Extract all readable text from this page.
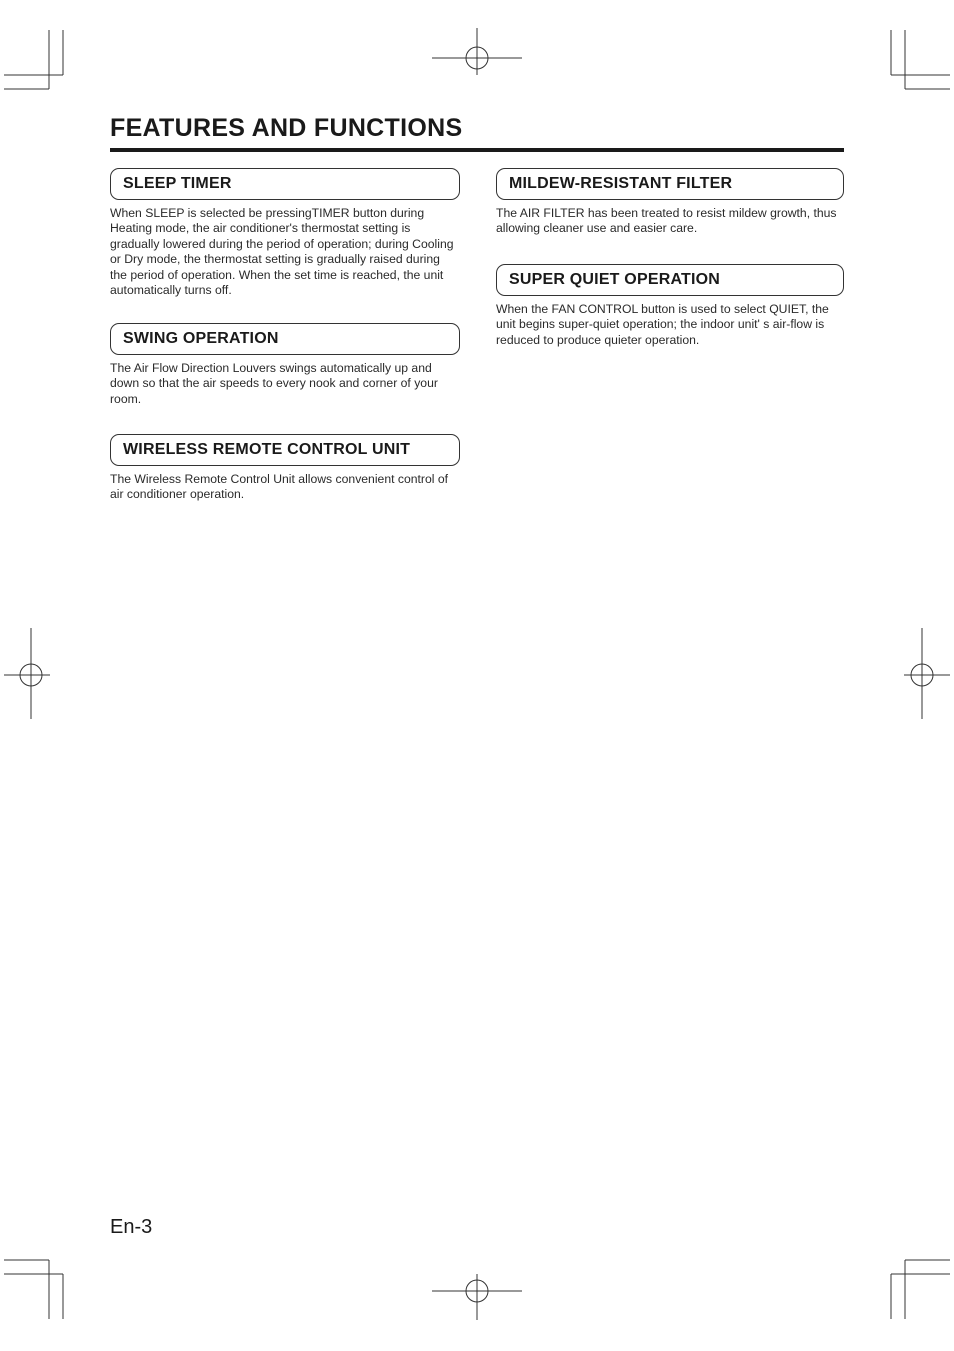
FEATURES AND FUNCTIONS
SLEEP TIMER

When SLEEP is selected be pressingTIMER button during Heating mode, the air conditioner's thermostat setting is gradually lowered during the period of operation; during Cooling or Dry mode, the thermostat setting is gradually raised during the period of operation. When the set time is reached, the unit automatically turns off.

SWING OPERATION

The Air Flow Direction Louvers swings automatically up and down so that the air speeds to every nook and corner of your room.

WIRELESS REMOTE CONTROL UNIT

The Wireless Remote Control Unit allows convenient control of air conditioner operation.

MILDEW-RESISTANT FILTER

The AIR FILTER has been treated to resist mildew growth, thus allowing cleaner use and easier care.

SUPER QUIET OPERATION

When the FAN CONTROL button is used to select QUIET, the unit begins super-quiet operation; the indoor unit' s air-flow is reduced to produce quieter operation.

En-3
